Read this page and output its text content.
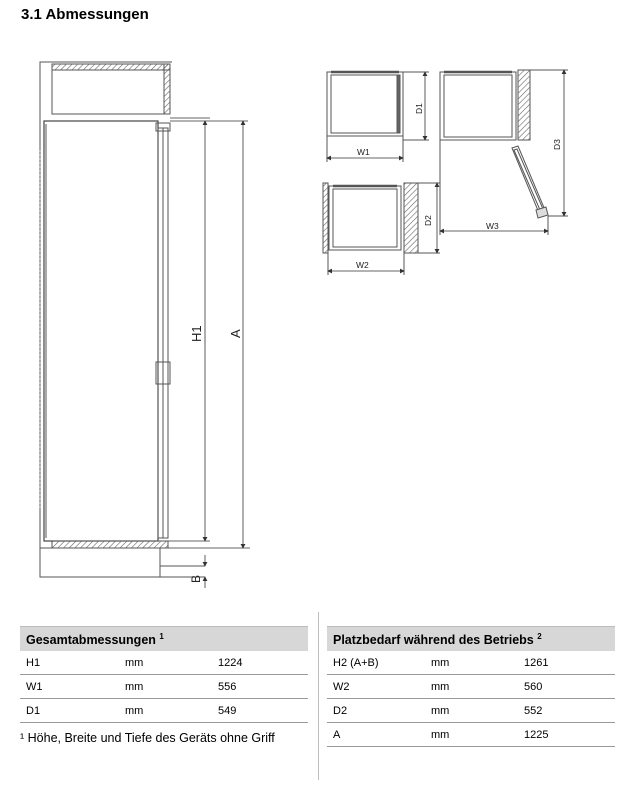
3.1 Abmessungen
H1 A
B
W1
D1
W2
D2	W3
D3
Gesamtabmessungen $^1$
H1	mm	1224
W1	mm	556
D1	mm	549
Platzbedarf während des Betriebs $^2$
H2 (A+B)	mm	1261
W2	mm	560
D2	mm	552
A	mm	1225
¹ Höhe, Breite und Tiefe des Geräts ohne Griff
